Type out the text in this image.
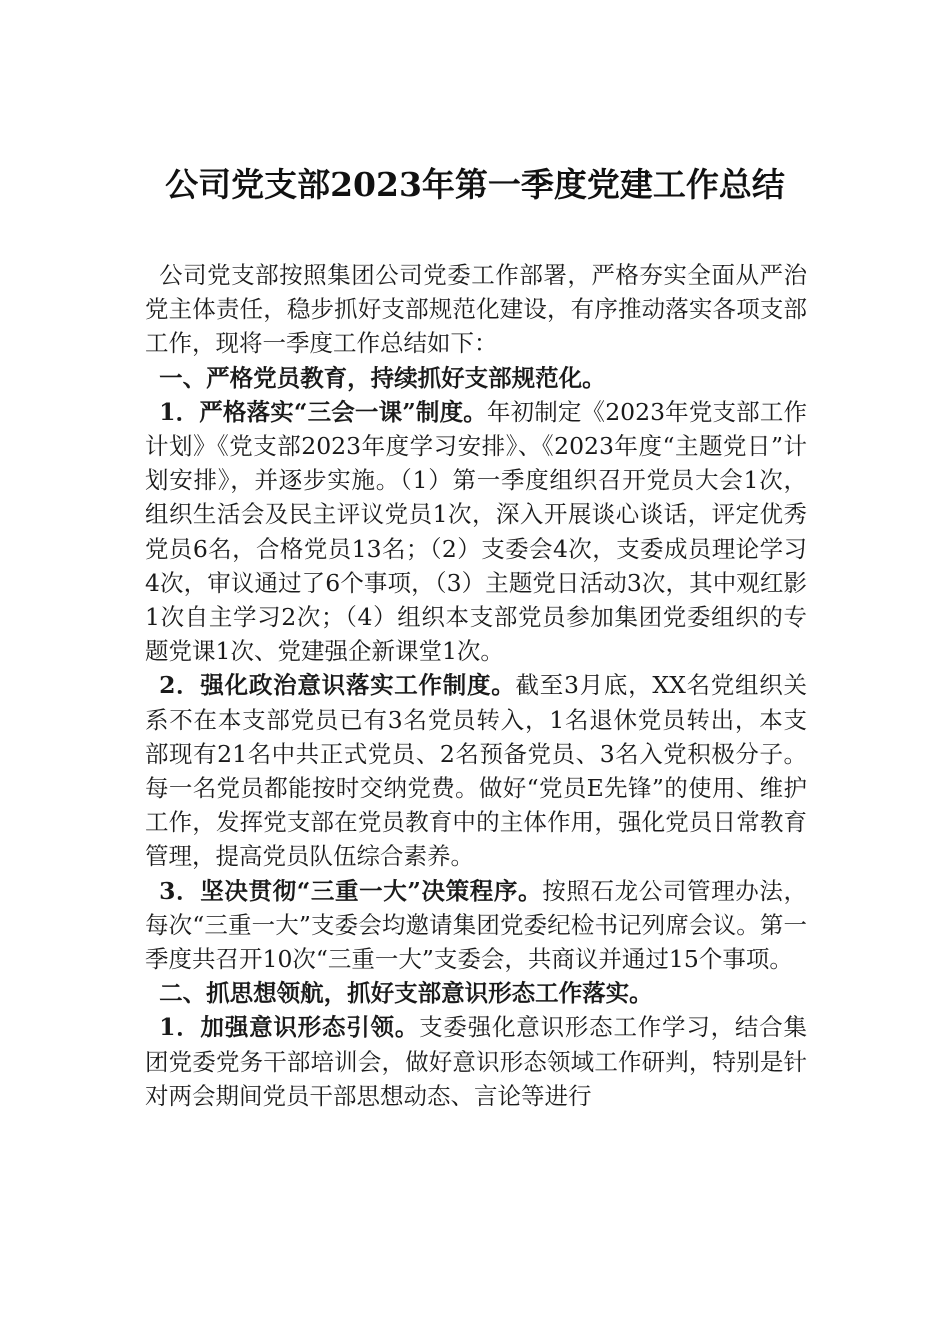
公司党支部2023年第一季度党建工作总结

公司党支部按照集团公司党委工作部署，严格夯实全面从严治党主体责任，稳步抓好支部规范化建设，有序推动落实各项支部工作，现将一季度工作总结如下：

一、严格党员教育，持续抓好支部规范化。

1．严格落实“三会一课”制度。年初制定《2023年党支部工作计划》《党支部2023年度学习安排》、《2023年度“主题党日”计划安排》，并逐步实施。（1）第一季度组织召开党员大会1次，组织生活会及民主评议党员1次，深入开展谈心谈话，评定优秀党员6名，合格党员13名；（2）支委会4次，支委成员理论学习4次，审议通过了6个事项，（3）主题党日活动3次，其中观红影1次自主学习2次；（4）组织本支部党员参加集团党委组织的专题党课1次、党建强企新课堂1次。

2．强化政治意识落实工作制度。截至3月底，XX名党组织关系不在本支部党员已有3名党员转入，1名退休党员转出，本支部现有21名中共正式党员、2名预备党员、3名入党积极分子。每一名党员都能按时交纳党费。做好“党员E先锋”的使用、维护工作，发挥党支部在党员教育中的主体作用，强化党员日常教育管理，提高党员队伍综合素养。

3．坚决贯彻“三重一大”决策程序。按照石龙公司管理办法，每次“三重一大”支委会均邀请集团党委纪检书记列席会议。第一季度共召开10次“三重一大”支委会，共商议并通过15个事项。

二、抓思想领航，抓好支部意识形态工作落实。

1．加强意识形态引领。支委强化意识形态工作学习，结合集团党委党务干部培训会，做好意识形态领域工作研判，特别是针对两会期间党员干部思想动态、言论等进行
